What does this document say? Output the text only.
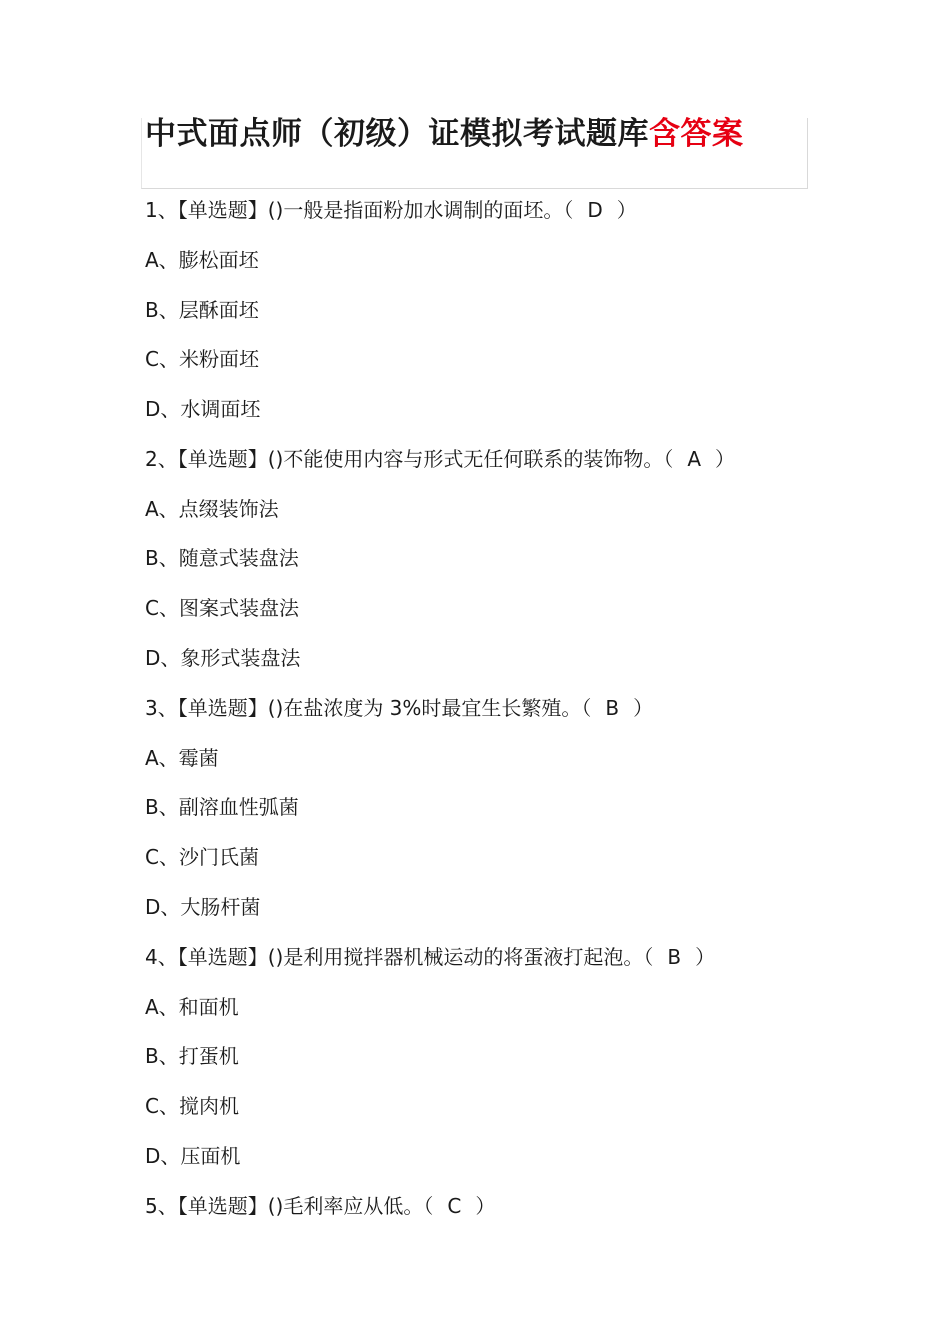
中式面点师（初级）证模拟考试题库含答案
1、【单选题】()一般是指面粉加水调制的面坯。（ D ）
A、膨松面坯
B、层酥面坯
C、米粉面坯
D、水调面坯
2、【单选题】()不能使用内容与形式无任何联系的装饰物。（ A ）
A、点缀装饰法
B、随意式装盘法
C、图案式装盘法
D、象形式装盘法
3、【单选题】()在盐浓度为 3%时最宜生长繁殖。（ B ）
A、霉菌
B、副溶血性弧菌
C、沙门氏菌
D、大肠杆菌
4、【单选题】()是利用搅拌器机械运动的将蛋液打起泡。（ B ）
A、和面机
B、打蛋机
C、搅肉机
D、压面机
5、【单选题】()毛利率应从低。（ C ）
